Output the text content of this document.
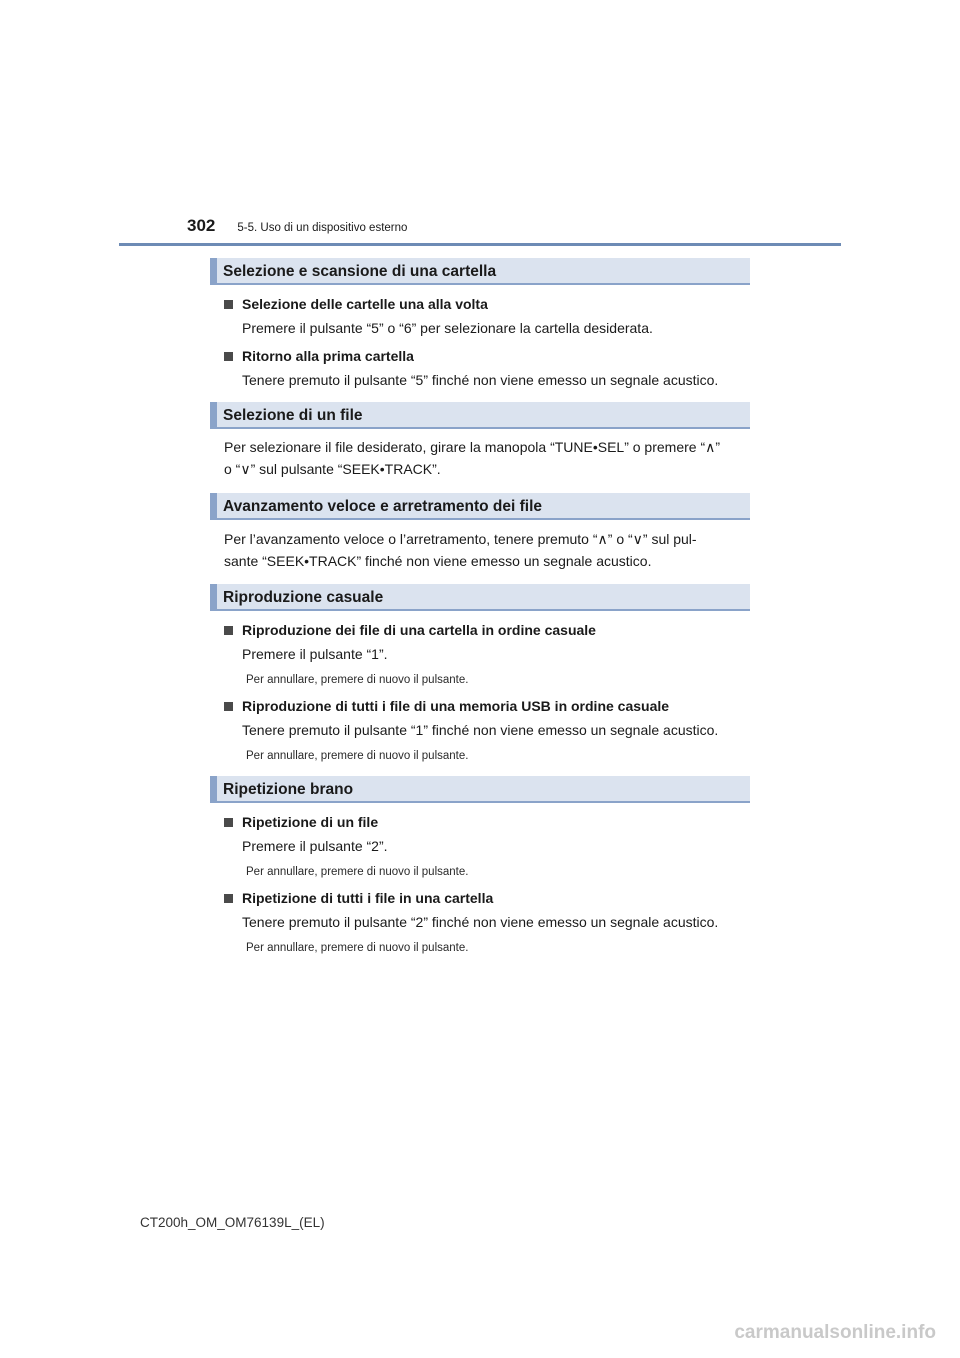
302 5-5. Uso di un dispositivo esterno
Selezione e scansione di una cartella
Selezione delle cartelle una alla volta
Premere il pulsante “5” o “6” per selezionare la cartella desiderata.
Ritorno alla prima cartella
Tenere premuto il pulsante “5” finché non viene emesso un segnale acustico.
Selezione di un file
Per selezionare il file desiderato, girare la manopola “TUNE•SEL” o premere “∧”
o “∨” sul pulsante “SEEK•TRACK”.
Avanzamento veloce e arretramento dei file
Per l’avanzamento veloce o l’arretramento, tenere premuto “∧” o “∨” sul pul-
sante “SEEK•TRACK” finché non viene emesso un segnale acustico.
Riproduzione casuale
Riproduzione dei file di una cartella in ordine casuale
Premere il pulsante “1”.
Per annullare, premere di nuovo il pulsante.
Riproduzione di tutti i file di una memoria USB in ordine casuale
Tenere premuto il pulsante “1” finché non viene emesso un segnale acustico.
Per annullare, premere di nuovo il pulsante.
Ripetizione brano
Ripetizione di un file
Premere il pulsante “2”.
Per annullare, premere di nuovo il pulsante.
Ripetizione di tutti i file in una cartella
Tenere premuto il pulsante “2” finché non viene emesso un segnale acustico.
Per annullare, premere di nuovo il pulsante.
CT200h_OM_OM76139L_(EL)
carmanualsonline.info
